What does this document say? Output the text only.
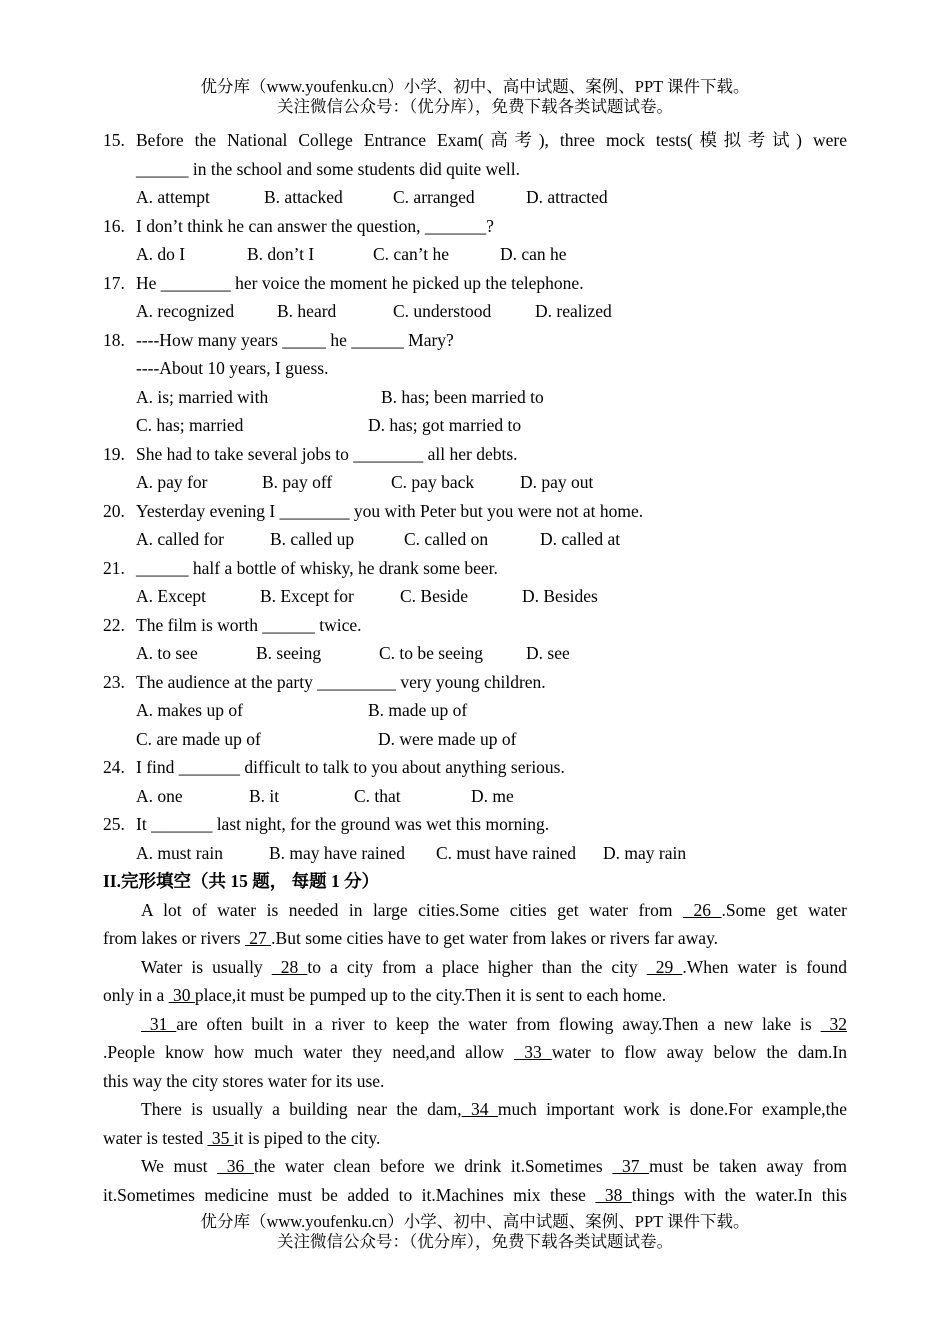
优分库（www.youfenku.cn）小学、初中、高中试题、案例、PPT 课件下载。
关注微信公众号：（优分库），免费下载各类试题试卷。
15. Before the National College Entrance Exam(高考), three mock tests(模拟考试) were
______ in the school and some students did quite well.
A. attempt	B. attacked	C. arranged	D. attracted
16. I don’t think he can answer the question, _______?
A. do I	B. don’t I	C. can’t he	D. can he
17. He ________ her voice the moment he picked up the telephone.
A. recognized B. heard	C. understood	D. realized
18. ----How many years _____ he ______ Mary?
----About 10 years, I guess.
A. is; married with	B. has; been married to
C. has; married	D. has; got married to
19. She had to take several jobs to ________ all her debts.
A. pay for	B. pay off	C. pay back	D. pay out
20. Yesterday evening I ________ you with Peter but you were not at home.
A. called for	B. called up	C. called on	D. called at
21. ______ half a bottle of whisky, he drank some beer.
A. Except	B. Except for	C. Beside	D. Besides
22. The film is worth ______ twice.
A. to see	B. seeing	C. to be seeing D. see
23. The audience at the party _________ very young children.
A. makes up of	B. made up of
C. are made up of	D. were made up of
24. I find _______ difficult to talk to you about anything serious.
A. one	B. it	C. that	D. me
25. It _______ last night, for the ground was wet this morning.
A. must rain	B. may have rained C. must have rained D. may rain
II.完形填空（共 15 题， 每题 1 分）
A lot of water is needed in large cities.Some cities get water from  26 .Some get water
from lakes or rivers  27 .But some cities have to get water from lakes or rivers far away.
Water is usually  28 to a city from a place higher than the city  29 .When water is found
only in a  30 place,it must be pumped up to the city.Then it is sent to each home.
31 are often built in a river to keep the water from flowing away.Then a new lake is  32
.People know how much water they need,and allow  33 water to flow away below the dam.In
this way the city stores water for its use.
There is usually a building near the dam, 34 much important work is done.For example,the
water is tested  35 it is piped to the city.
We must  36 the water clean before we drink it.Sometimes  37 must be taken away from
it.Sometimes medicine must be added to it.Machines mix these  38 things with the water.In this
优分库（www.youfenku.cn）小学、初中、高中试题、案例、PPT 课件下载。
关注微信公众号：（优分库），免费下载各类试题试卷。
